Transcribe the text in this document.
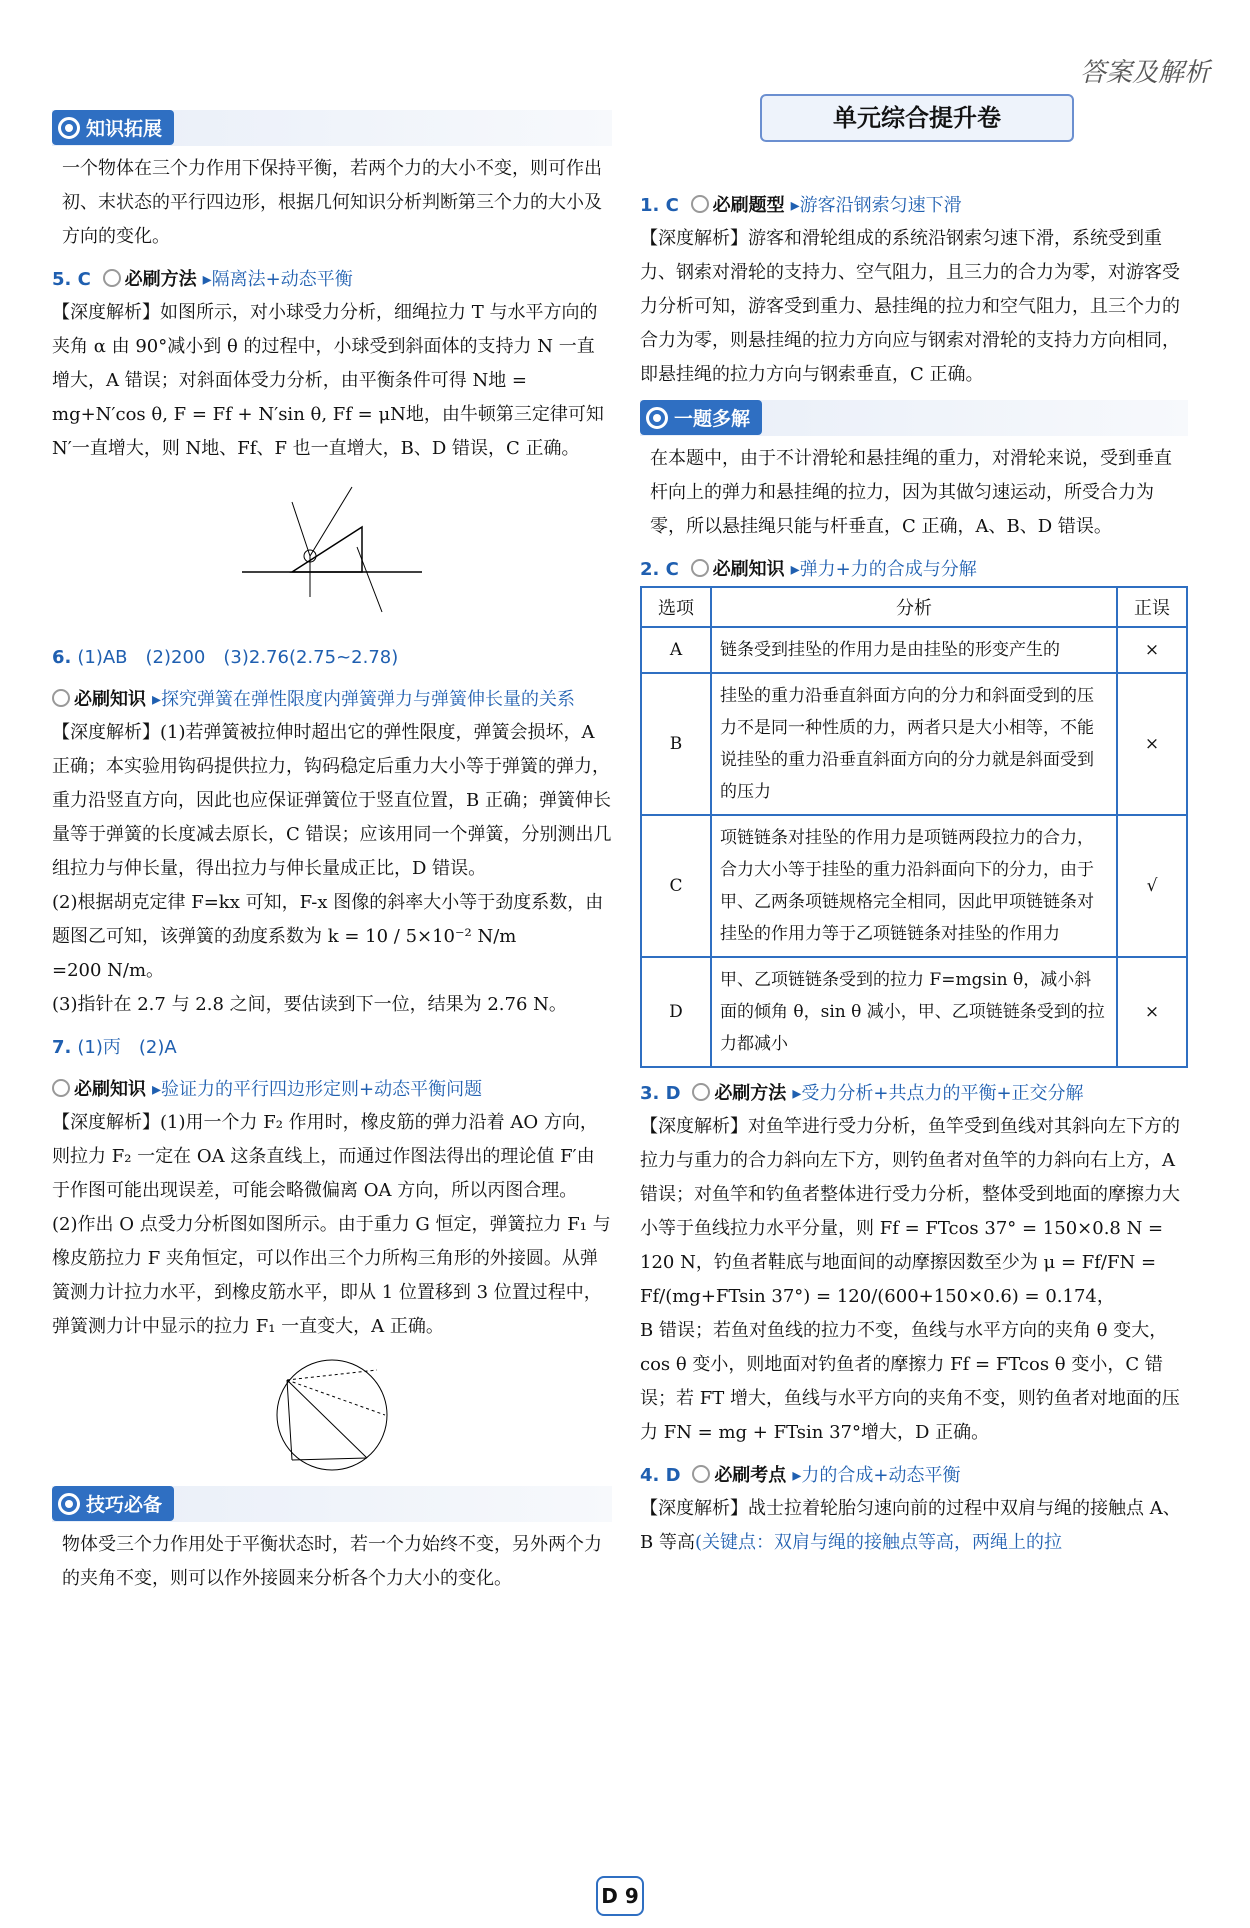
答案及解析
知识拓展

一个物体在三个力作用下保持平衡，若两个力的大小不变，则可作出初、末状态的平行四边形，根据几何知识分析判断第三个力的大小及方向的变化。

5. C 必刷方法 ▸隔离法+动态平衡

【深度解析】如图所示，对小球受力分析，细绳拉力 T 与水平方向的夹角 α 由 90°减小到 θ 的过程中，小球受到斜面体的支持力 N 一直增大，A 错误；对斜面体受力分析，由平衡条件可得 N地 = mg+N′cos θ, F = Ff + N′sin θ, Ff = μN地，由牛顿第三定律可知 N′一直增大，则 N地、Ff、F 也一直增大，B、D 错误，C 正确。

6. (1)AB　(2)200　(3)2.76(2.75~2.78)
必刷知识 ▸探究弹簧在弹性限度内弹簧弹力与弹簧伸长量的关系

【深度解析】(1)若弹簧被拉伸时超出它的弹性限度，弹簧会损坏，A 正确；本实验用钩码提供拉力，钩码稳定后重力大小等于弹簧的弹力，重力沿竖直方向，因此也应保证弹簧位于竖直位置，B 正确；弹簧伸长量等于弹簧的长度减去原长，C 错误；应该用同一个弹簧，分别测出几组拉力与伸长量，得出拉力与伸长量成正比，D 错误。

(2)根据胡克定律 F=kx 可知，F-x 图像的斜率大小等于劲度系数，由题图乙可知，该弹簧的劲度系数为 k = 10 / 5×10⁻² N/m

=200 N/m。

(3)指针在 2.7 与 2.8 之间，要估读到下一位，结果为 2.76 N。

7. (1)丙　(2)A
必刷知识 ▸验证力的平行四边形定则+动态平衡问题

【深度解析】(1)用一个力 F₂ 作用时，橡皮筋的弹力沿着 AO 方向，则拉力 F₂ 一定在 OA 这条直线上，而通过作图法得出的理论值 F′由于作图可能出现误差，可能会略微偏离 OA 方向，所以丙图合理。

(2)作出 O 点受力分析图如图所示。由于重力 G 恒定，弹簧拉力 F₁ 与橡皮筋拉力 F 夹角恒定，可以作出三个力所构三角形的外接圆。从弹簧测力计拉力水平，到橡皮筋水平，即从 1 位置移到 3 位置过程中，弹簧测力计中显示的拉力 F₁ 一直变大，A 正确。

技巧必备

物体受三个力作用处于平衡状态时，若一个力始终不变，另外两个力的夹角不变，则可以作外接圆来分析各个力大小的变化。

单元综合提升卷
1. C 必刷题型 ▸游客沿钢索匀速下滑

【深度解析】游客和滑轮组成的系统沿钢索匀速下滑，系统受到重力、钢索对滑轮的支持力、空气阻力，且三力的合力为零，对游客受力分析可知，游客受到重力、悬挂绳的拉力和空气阻力，且三个力的合力为零，则悬挂绳的拉力方向应与钢索对滑轮的支持力方向相同，即悬挂绳的拉力方向与钢索垂直，C 正确。

一题多解

在本题中，由于不计滑轮和悬挂绳的重力，对滑轮来说，受到垂直杆向上的弹力和悬挂绳的拉力，因为其做匀速运动，所受合力为零，所以悬挂绳只能与杆垂直，C 正确，A、B、D 错误。

2. C 必刷知识 ▸弹力+力的合成与分解
选项	分析	正误
A	链条受到挂坠的作用力是由挂坠的形变产生的	×
B	挂坠的重力沿垂直斜面方向的分力和斜面受到的压力不是同一种性质的力，两者只是大小相等，不能说挂坠的重力沿垂直斜面方向的分力就是斜面受到的压力	×
C	项链链条对挂坠的作用力是项链两段拉力的合力，合力大小等于挂坠的重力沿斜面向下的分力，由于甲、乙两条项链规格完全相同，因此甲项链链条对挂坠的作用力等于乙项链链条对挂坠的作用力	√
D	甲、乙项链链条受到的拉力 F=mgsin θ，减小斜面的倾角 θ，sin θ 减小，甲、乙项链链条受到的拉力都减小	×
3. D 必刷方法 ▸受力分析+共点力的平衡+正交分解

【深度解析】对鱼竿进行受力分析，鱼竿受到鱼线对其斜向左下方的拉力与重力的合力斜向左下方，则钓鱼者对鱼竿的力斜向右上方，A 错误；对鱼竿和钓鱼者整体进行受力分析，整体受到地面的摩擦力大小等于鱼线拉力水平分量，则 Ff = FTcos 37° = 150×0.8 N = 120 N，钓鱼者鞋底与地面间的动摩擦因数至少为 μ = Ff/FN = Ff/(mg+FTsin 37°) = 120/(600+150×0.6) = 0.174，

B 错误；若鱼对鱼线的拉力不变，鱼线与水平方向的夹角 θ 变大，cos θ 变小，则地面对钓鱼者的摩擦力 Ff = FTcos θ 变小，C 错误；若 FT 增大，鱼线与水平方向的夹角不变，则钓鱼者对地面的压力 FN = mg + FTsin 37°增大，D 正确。

4. D 必刷考点 ▸力的合成+动态平衡

【深度解析】战士拉着轮胎匀速向前的过程中双肩与绳的接触点 A、B 等高(关键点：双肩与绳的接触点等高，两绳上的拉

D 9
